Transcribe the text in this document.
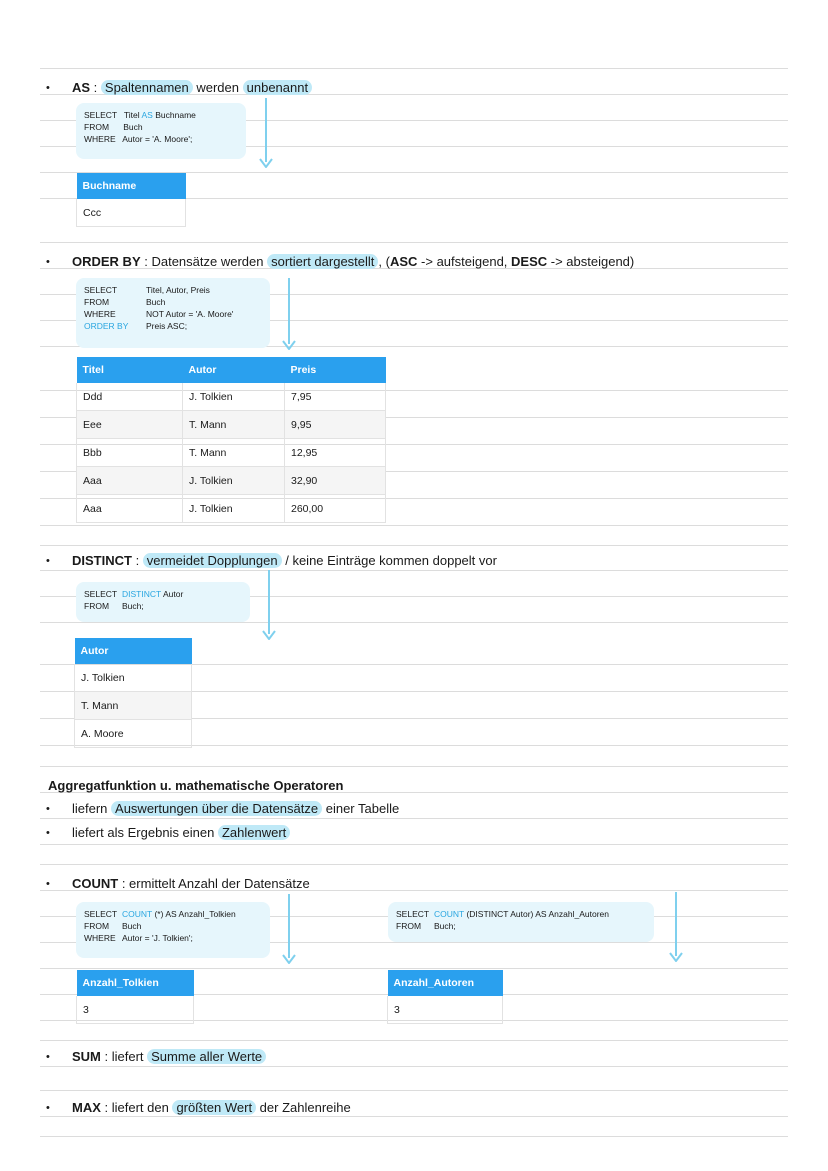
• AS : Spaltennamen werden unbenannt
SELECT Titel AS Buchname
FROM Buch
WHERE Autor = 'A. Moore';
Buchname
Ccc
• ORDER BY : Datensätze werden sortiert dargestellt , (ASC -> aufsteigend, DESC -> absteigend)
SELECT	Titel, Autor, Preis
FROM	Buch
WHERE	NOT Autor = 'A. Moore'
ORDER BY Preis ASC;
Titel	Autor	Preis
Ddd	J. Tolkien	7,95
Eee	T. Mann	9,95
Bbb	T. Mann	12,95
Aaa	J. Tolkien	32,90
Aaa	J. Tolkien	260,00
• DISTINCT : vermeidet Dopplungen / keine Einträge kommen doppelt vor
SELECT DISTINCT Autor
FROM Buch;
Autor
J. Tolkien
T. Mann
A. Moore
Aggregatfunktion u. mathematische Operatoren
• liefern Auswertungen über die Datensätze einer Tabelle
• liefert als Ergebnis einen Zahlenwert
• COUNT : ermittelt Anzahl der Datensätze
SELECT COUNT (*) AS Anzahl_Tolkien
FROM Buch
WHERE Autor = 'J. Tolkien';
SELECT COUNT (DISTINCT Autor) AS Anzahl_Autoren
FROM Buch;
Anzahl_Tolkien
3
Anzahl_Autoren
3
• SUM : liefert Summe aller Werte
• MAX : liefert den größten Wert der Zahlenreihe
